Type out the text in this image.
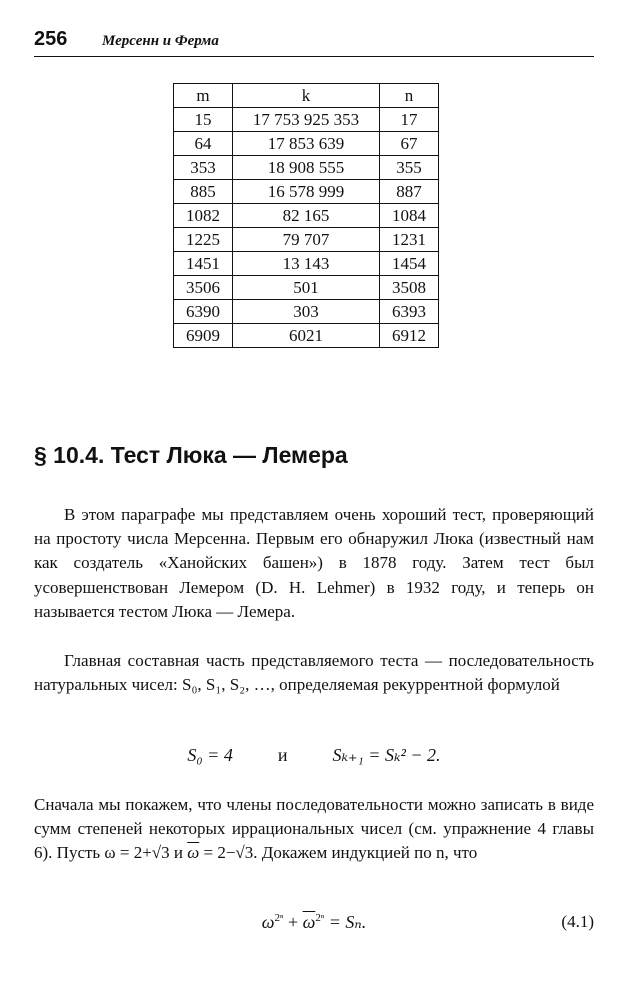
256 Мерсенн и Ферма
m	k	n
15	17 753 925 353	17
64	17 853 639	67
353	18 908 555	355
885	16 578 999	887
1082	82 165	1084
1225	79 707	1231
1451	13 143	1454
3506	501	3508
6390	303	6393
6909	6021	6912
§ 10.4. Тест Люка — Лемера

В этом параграфе мы представляем очень хороший тест, проверяющий на простоту числа Мерсенна. Первым его обнаружил Люка (известный нам как создатель «Ханойских башен») в 1878 году. Затем тест был усовершенствован Лемером (D. H. Lehmer) в 1932 году, и теперь он называется тестом Люка — Лемера.

Главная составная часть представляемого теста — последовательность натуральных чисел: S₀, S₁, S₂, …, определяемая рекуррентной формулой

S₀ = 4	и	Sₖ₊₁ = Sₖ² − 2.

Сначала мы покажем, что члены последовательности можно записать в виде сумм степеней некоторых иррациональных чисел (см. упражнение 4 главы 6). Пусть ω = 2+√3 и $\overline{\omega} = 2-√3$. Докажем индукцией по n, что

$\omega^{2^n} + \overline{\omega}^{2^n} = S_n$.	(4.1)
